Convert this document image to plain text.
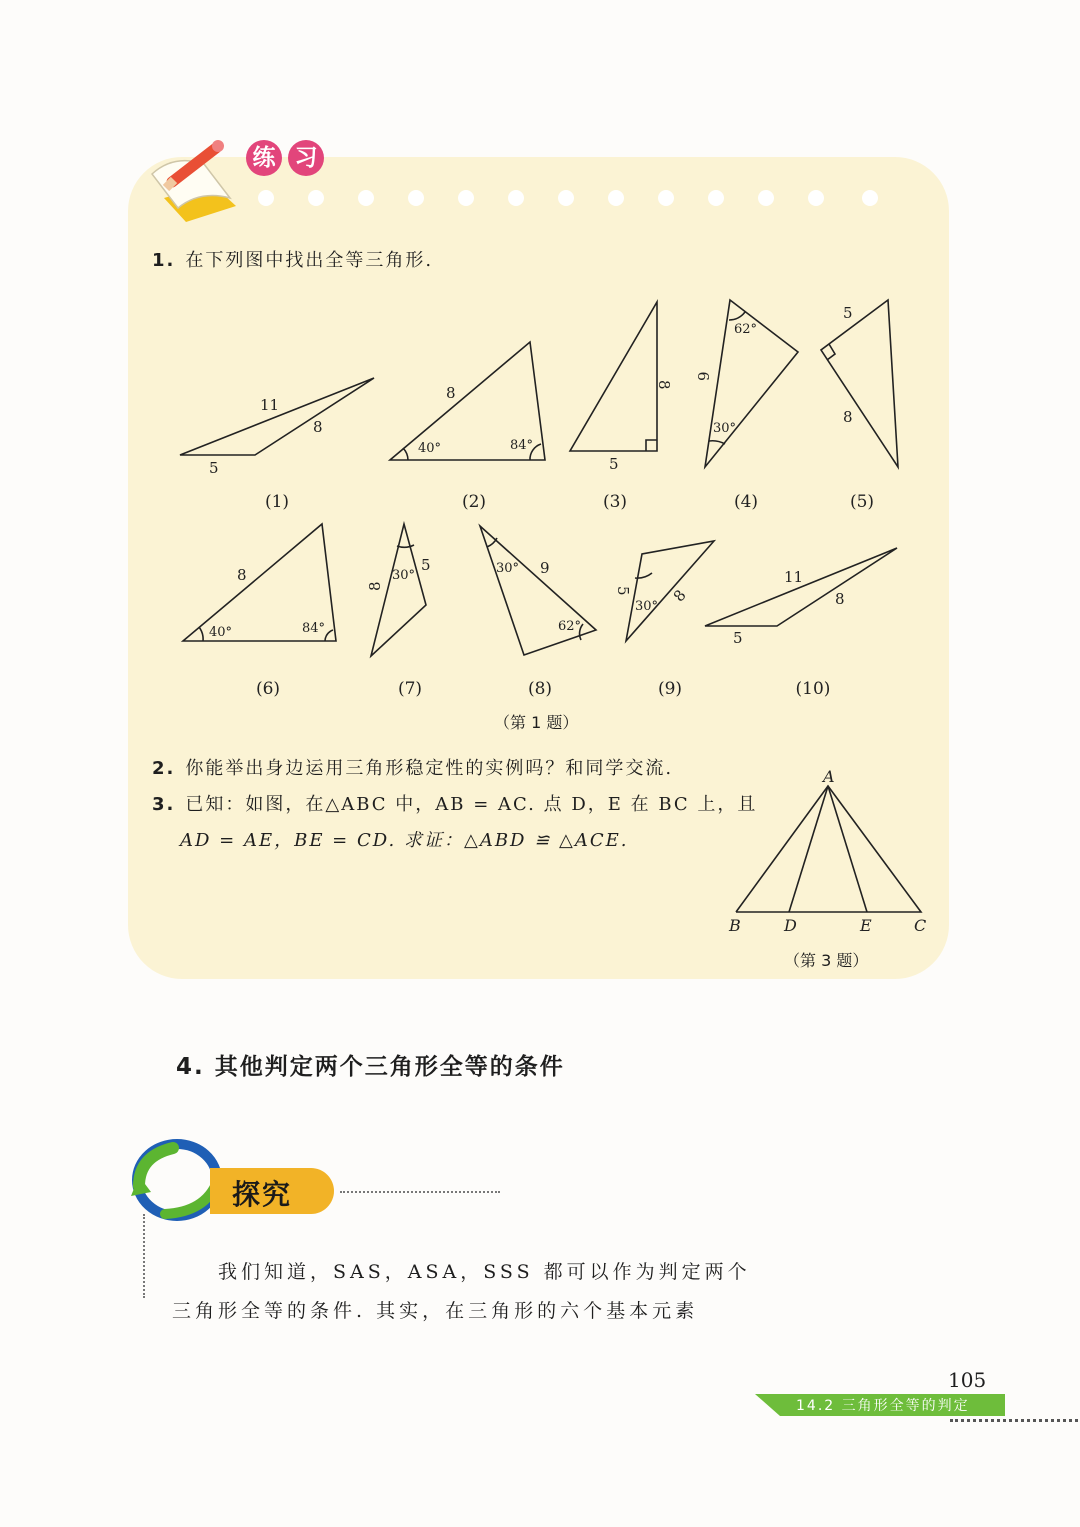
练 习
1. 在下列图中找出全等三角形.
11
8
5
8
40°	84°
8
5
62°
9
30°
5
8
8
40°	84°
8
30°
5	30° 9
62°
5
30°
8
11
8
5
(1)	(2)	(3)	(4)	(5)
(6)	(7)	(8)	(9)	(10)
（第 1 题）
2. 你能举出身边运用三角形稳定性的实例吗？和同学交流.
3. 已知：如图，在△ABC 中，AB = AC. 点 D，E 在 BC 上，且
AD = AE，BE = CD. 求证：△ABD ≌ △ACE.
A
B	D	E	C
（第 3 题）
4. 其他判定两个三角形全等的条件
探究
我们知道，SAS，ASA，SSS 都可以作为判定两个
三角形全等的条件. 其实，在三角形的六个基本元素
105
14.2 三角形全等的判定
